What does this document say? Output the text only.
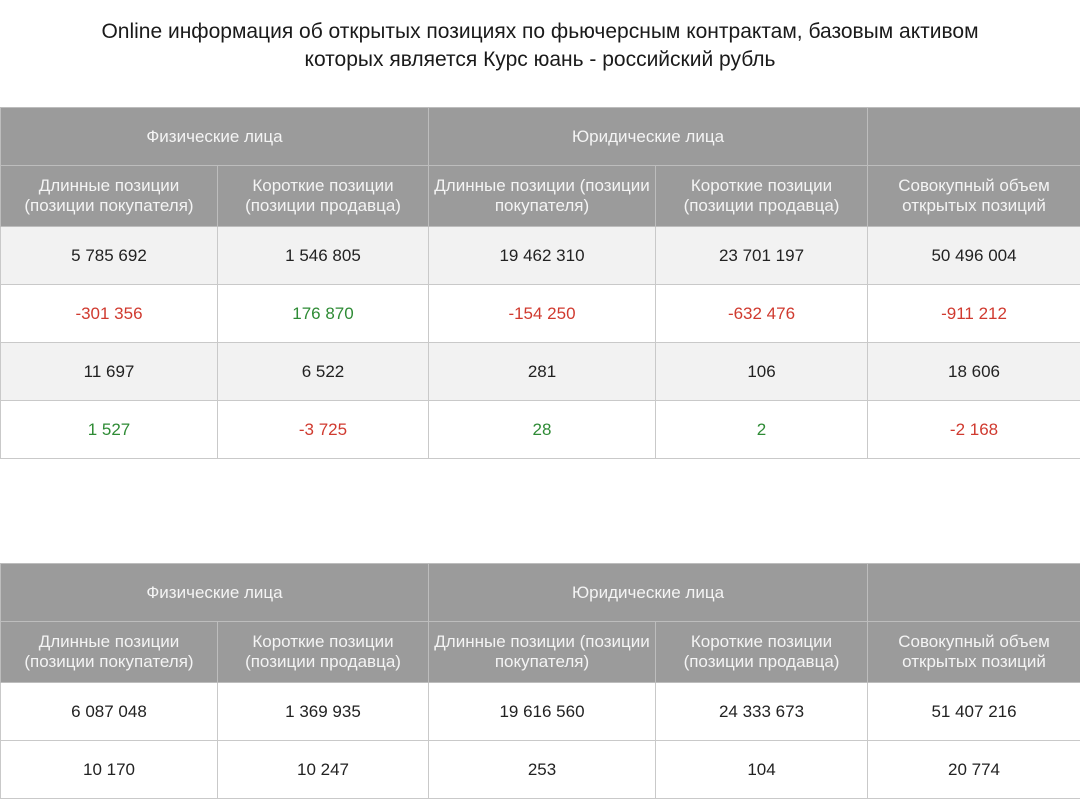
Online информация об открытых позициях по фьючерсным контрактам, базовым активом
которых является Курс юань - российский рубль
Физические лица		Юридические лица		
Длинные позиции (позиции покупателя)	Короткие позиции (позиции продавца)	Длинные позиции (позиции покупателя)	Короткие позиции (позиции продавца)	Совокупный объем открытых позиций
5 785 692	1 546 805	19 462 310	23 701 197	50 496 004
-301 356	176 870	-154 250	-632 476	-911 212
11 697	6 522	281	106	18 606
1 527	-3 725	28	2	-2 168
Физические лица		Юридические лица		
Длинные позиции (позиции покупателя)	Короткие позиции (позиции продавца)	Длинные позиции (позиции покупателя)	Короткие позиции (позиции продавца)	Совокупный объем открытых позиций
6 087 048	1 369 935	19 616 560	24 333 673	51 407 216
10 170	10 247	253	104	20 774
